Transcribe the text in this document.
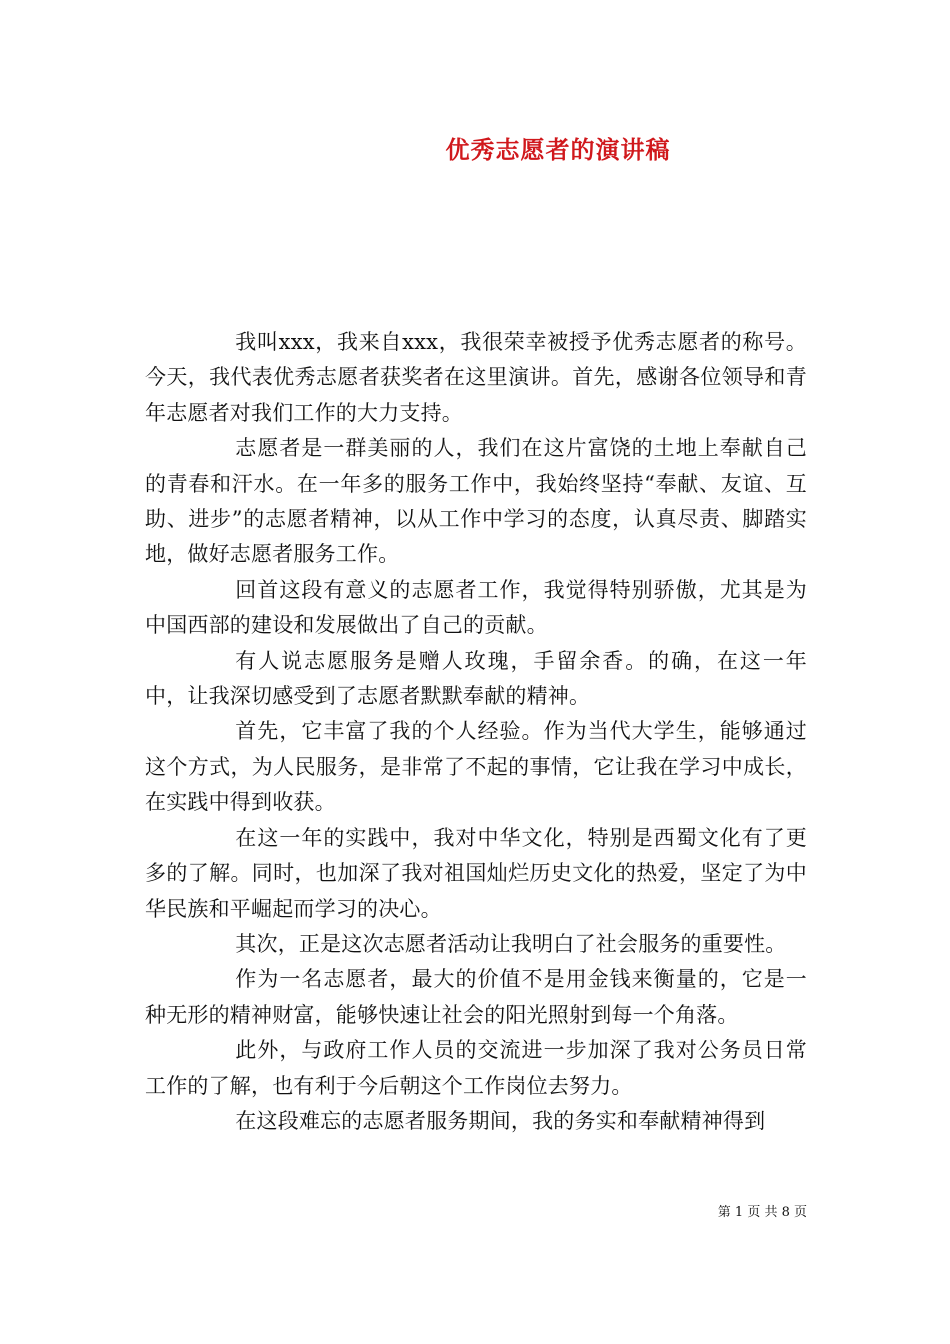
优秀志愿者的演讲稿

我叫xxx，我来自xxx，我很荣幸被授予优秀志愿者的称号。今天，我代表优秀志愿者获奖者在这里演讲。首先，感谢各位领导和青年志愿者对我们工作的大力支持。

志愿者是一群美丽的人，我们在这片富饶的土地上奉献自己的青春和汗水。在一年多的服务工作中，我始终坚持“奉献、友谊、互助、进步”的志愿者精神，以从工作中学习的态度，认真尽责、脚踏实地，做好志愿者服务工作。

回首这段有意义的志愿者工作，我觉得特别骄傲，尤其是为中国西部的建设和发展做出了自己的贡献。

有人说志愿服务是赠人玫瑰，手留余香。的确，在这一年中，让我深切感受到了志愿者默默奉献的精神。

首先，它丰富了我的个人经验。作为当代大学生，能够通过这个方式，为人民服务，是非常了不起的事情，它让我在学习中成长，在实践中得到收获。

在这一年的实践中，我对中华文化，特别是西蜀文化有了更多的了解。同时，也加深了我对祖国灿烂历史文化的热爱，坚定了为中华民族和平崛起而学习的决心。

其次，正是这次志愿者活动让我明白了社会服务的重要性。

作为一名志愿者，最大的价值不是用金钱来衡量的，它是一种无形的精神财富，能够快速让社会的阳光照射到每一个角落。

此外，与政府工作人员的交流进一步加深了我对公务员日常工作的了解，也有利于今后朝这个工作岗位去努力。

在这段难忘的志愿者服务期间，我的务实和奉献精神得到

第 1 页 共 8 页
